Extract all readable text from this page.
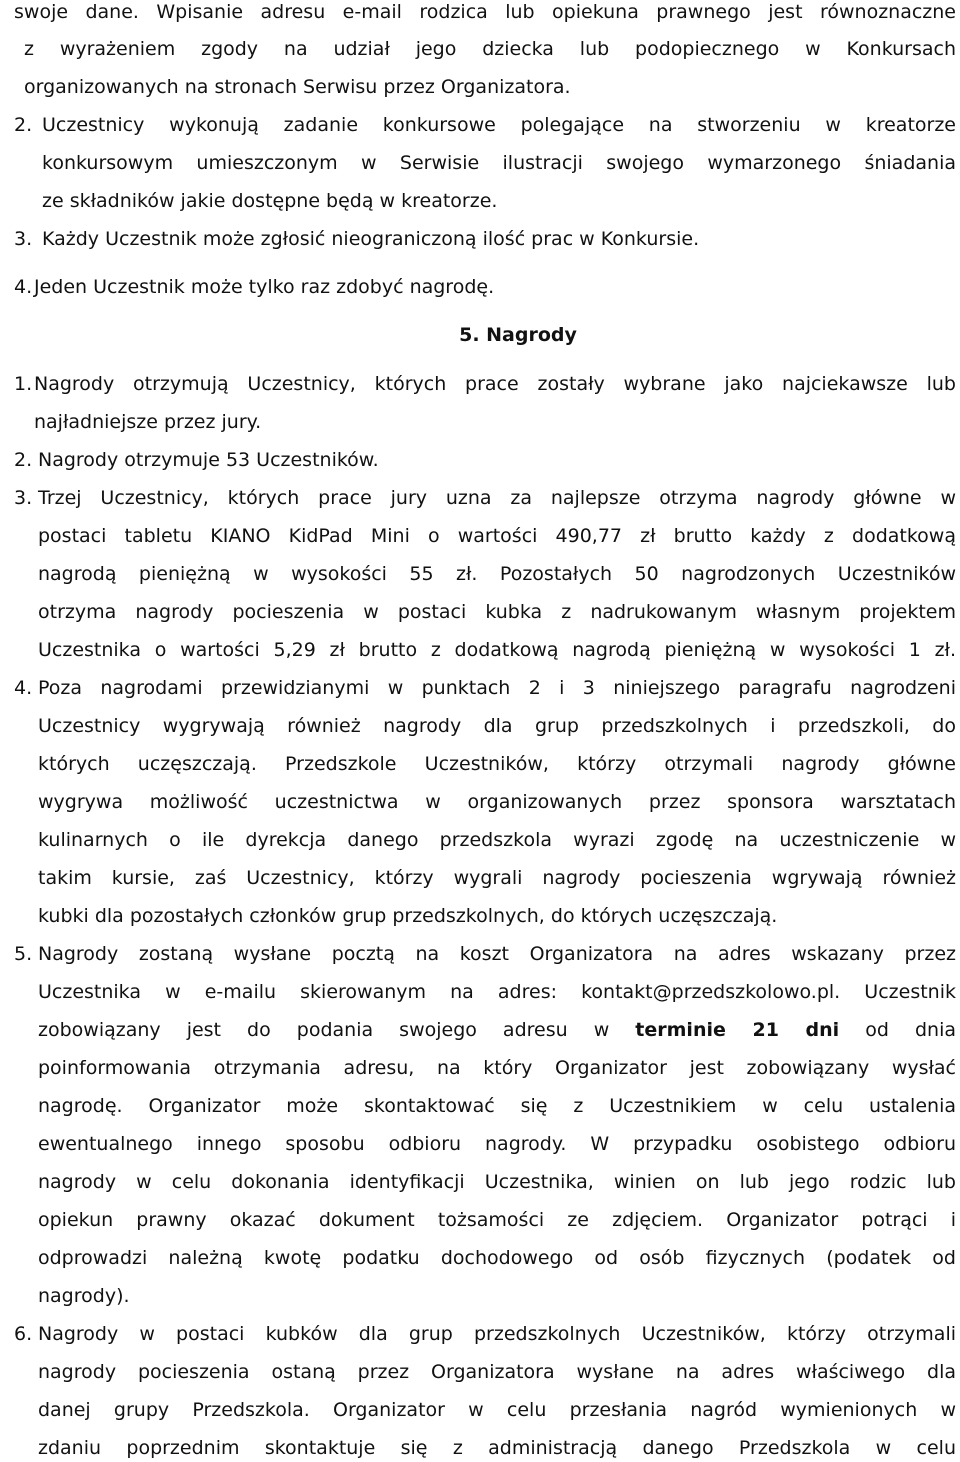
swoje dane. Wpisanie adresu e-mail rodzica lub opiekuna prawnego jest równoznaczne
z wyrażeniem zgody na udział jego dziecka lub podopiecznego w Konkursach
organizowanych na stronach Serwisu przez Organizatora.
2. Uczestnicy wykonują zadanie konkursowe polegające na stworzeniu w kreatorze
konkursowym umieszczonym w Serwisie ilustracji swojego wymarzonego śniadania
ze składników jakie dostępne będą w kreatorze.
3. Każdy Uczestnik może zgłosić nieograniczoną ilość prac w Konkursie.
4. Jeden Uczestnik może tylko raz zdobyć nagrodę.
5. Nagrody
1. Nagrody otrzymują Uczestnicy, których prace zostały wybrane jako najciekawsze lub
najładniejsze przez jury.
2. Nagrody otrzymuje 53 Uczestników.
3. Trzej Uczestnicy, których prace jury uzna za najlepsze otrzyma nagrody główne w
postaci tabletu KIANO KidPad Mini o wartości 490,77 zł brutto każdy z dodatkową
nagrodą pieniężną w wysokości 55 zł. Pozostałych 50 nagrodzonych Uczestników
otrzyma nagrody pocieszenia w postaci kubka z nadrukowanym własnym projektem
Uczestnika o wartości 5,29 zł brutto z dodatkową nagrodą pieniężną w wysokości 1 zł.
4. Poza nagrodami przewidzianymi w punktach 2 i 3 niniejszego paragrafu nagrodzeni
Uczestnicy wygrywają również nagrody dla grup przedszkolnych i przedszkoli, do
których uczęszczają. Przedszkole Uczestników, którzy otrzymali nagrody główne
wygrywa możliwość uczestnictwa w organizowanych przez sponsora warsztatach
kulinarnych o ile dyrekcja danego przedszkola wyrazi zgodę na uczestniczenie w
takim kursie, zaś Uczestnicy, którzy wygrali nagrody pocieszenia wgrywają również
kubki dla pozostałych członków grup przedszkolnych, do których uczęszczają.
5. Nagrody zostaną wysłane pocztą na koszt Organizatora na adres wskazany przez
Uczestnika w e-mailu skierowanym na adres: kontakt@przedszkolowo.pl. Uczestnik
zobowiązany jest do podania swojego adresu w terminie 21 dni od dnia
poinformowania otrzymania adresu, na który Organizator jest zobowiązany wysłać
nagrodę. Organizator może skontaktować się z Uczestnikiem w celu ustalenia
ewentualnego innego sposobu odbioru nagrody. W przypadku osobistego odbioru
nagrody w celu dokonania identyfikacji Uczestnika, winien on lub jego rodzic lub
opiekun prawny okazać dokument tożsamości ze zdjęciem. Organizator potrąci i
odprowadzi należną kwotę podatku dochodowego od osób fizycznych (podatek od
nagrody).
6. Nagrody w postaci kubków dla grup przedszkolnych Uczestników, którzy otrzymali
nagrody pocieszenia ostaną przez Organizatora wysłane na adres właściwego dla
danej grupy Przedszkola. Organizator w celu przesłania nagród wymienionych w
zdaniu poprzednim skontaktuje się z administracją danego Przedszkola w celu
